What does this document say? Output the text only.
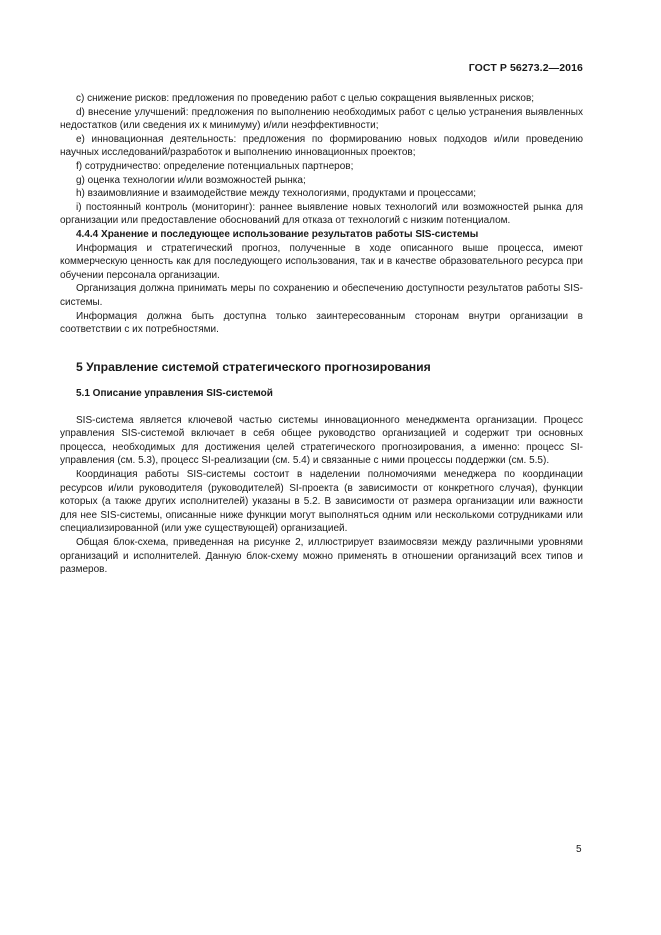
ГОСТ Р 56273.2—2016

с) снижение рисков: предложения по проведению работ с целью сокращения выявленных рисков;

d) внесение улучшений: предложения по выполнению необходимых работ с целью устранения выявленных недостатков (или сведения их к минимуму) и/или неэффективности;

е) инновационная деятельность: предложения по формированию новых подходов и/или проведению научных исследований/разработок и выполнению инновационных проектов;

f) сотрудничество: определение потенциальных партнеров;

g) оценка технологии и/или возможностей рынка;

h) взаимовлияние и взаимодействие между технологиями, продуктами и процессами;

i) постоянный контроль (мониторинг): раннее выявление новых технологий или возможностей рынка для организации или предоставление обоснований для отказа от технологий с низким потенциалом.

4.4.4 Хранение и последующее использование результатов работы SIS-системы

Информация и стратегический прогноз, полученные в ходе описанного выше процесса, имеют коммерческую ценность как для последующего использования, так и в качестве образовательного ресурса при обучении персонала организации.

Организация должна принимать меры по сохранению и обеспечению доступности результатов работы SIS-системы.

Информация должна быть доступна только заинтересованным сторонам внутри организации в соответствии с их потребностями.

5 Управление системой стратегического прогнозирования
5.1 Описание управления SIS-системой

SIS-система является ключевой частью системы инновационного менеджмента организации. Процесс управления SIS-системой включает в себя общее руководство организацией и содержит три основных процесса, необходимых для достижения целей стратегического прогнозирования, а именно: процесс SI-управления (см. 5.3), процесс SI-реализации (см. 5.4) и связанные с ними процессы поддержки (см. 5.5).

Координация работы SIS-системы состоит в наделении полномочиями менеджера по координации ресурсов и/или руководителя (руководителей) SI-проекта (в зависимости от конкретного случая), функции которых (а также других исполнителей) указаны в 5.2. В зависимости от размера организации или важности для нее SIS-системы, описанные ниже функции могут выполняться одним или несколькоми сотрудниками или специализированной (или уже существующей) организацией.

Общая блок-схема, приведенная на рисунке 2, иллюстрирует взаимосвязи между различными уровнями организаций и исполнителей. Данную блок-схему можно применять в отношении организаций всех типов и размеров.

5
